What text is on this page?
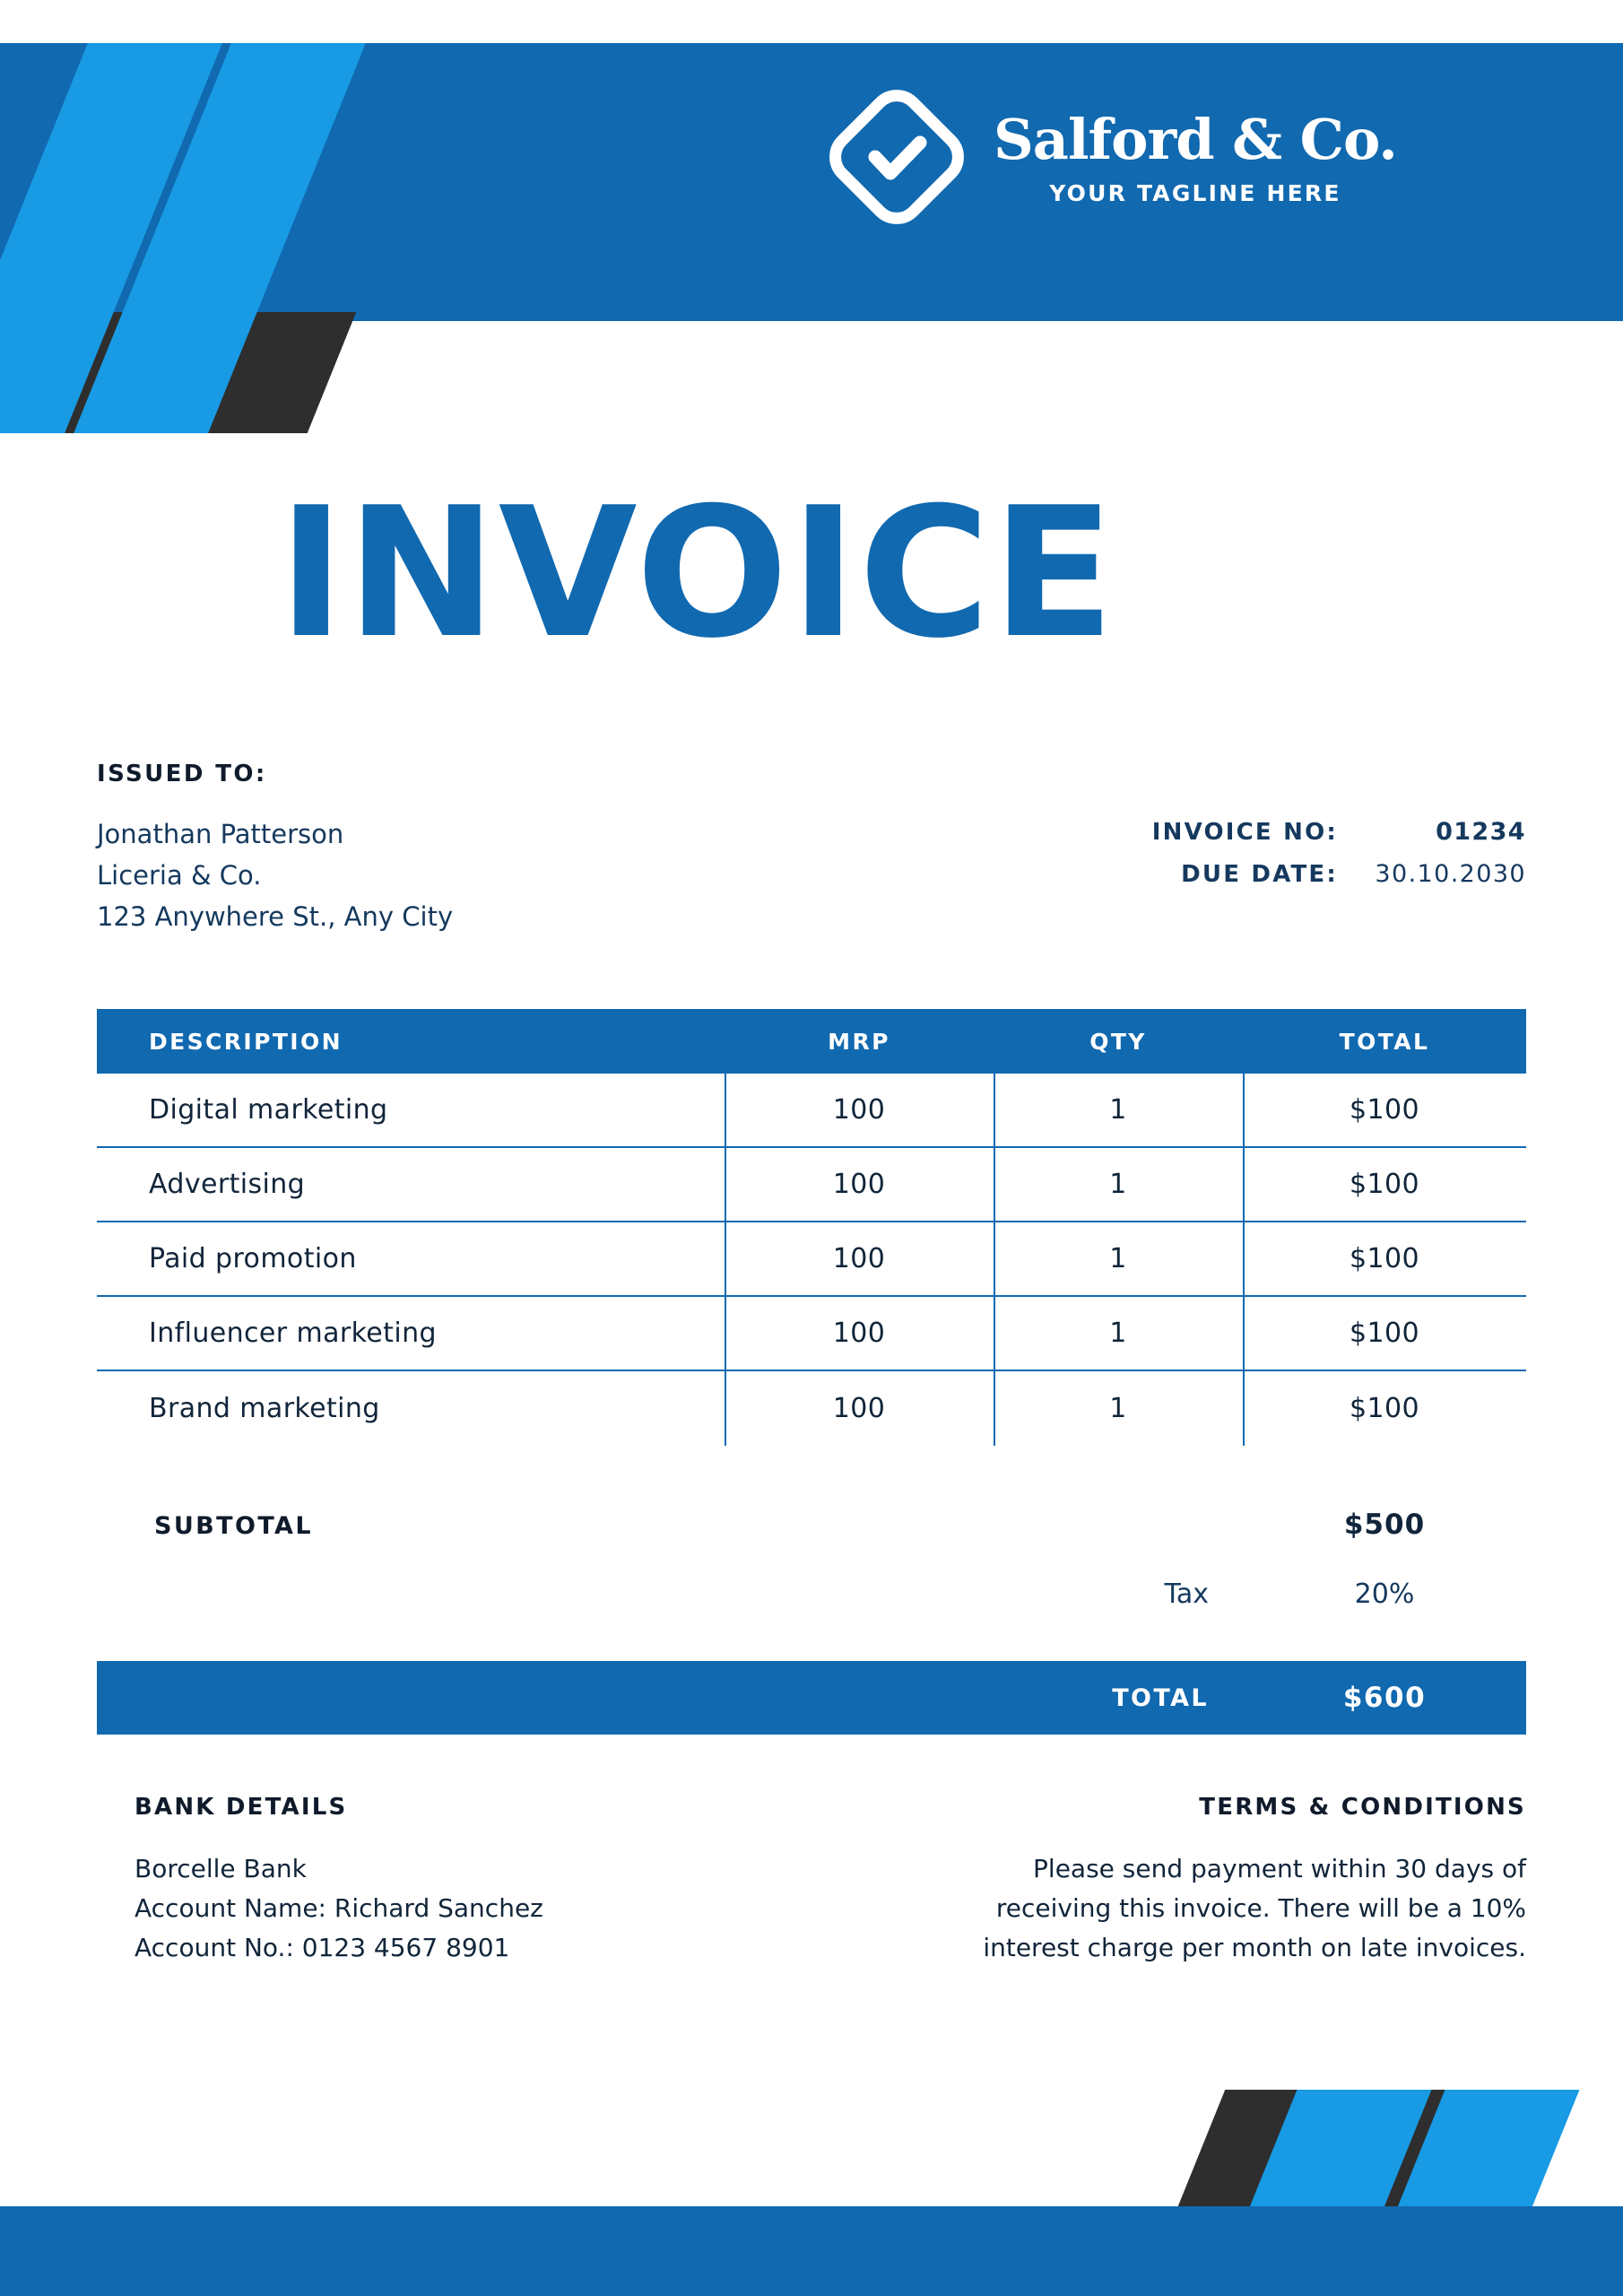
Salford & Co.
YOUR TAGLINE HERE
INVOICE
ISSUED TO:
Jonathan Patterson
Liceria & Co.
123 Anywhere St., Any City
INVOICE NO:	01234
DUE DATE:	30.10.2030
DESCRIPTION	MRP	QTY	TOTAL
Digital marketing	100	1	$100
Advertising	100	1	$100
Paid promotion	100	1	$100
Influencer marketing	100	1	$100
Brand marketing	100	1	$100
SUBTOTAL	$500
Tax	20%
TOTAL	$600
BANK DETAILS
Borcelle Bank
Account Name: Richard Sanchez
Account No.: 0123 4567 8901
TERMS & CONDITIONS
Please send payment within 30 days of receiving this invoice. There will be a 10% interest charge per month on late invoices.
